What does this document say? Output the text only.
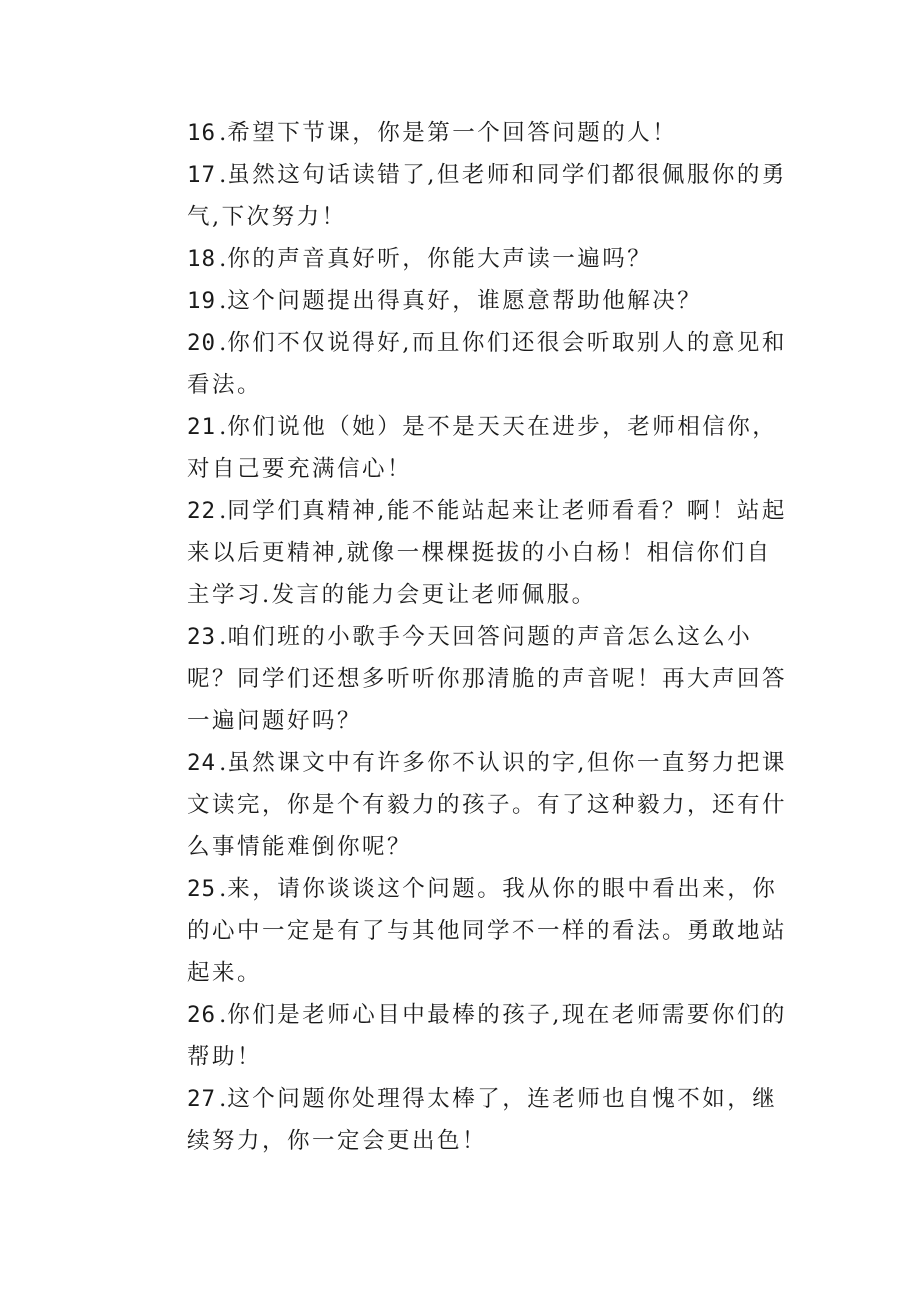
16 .希望下节课，你是第一个回答问题的人！

17 .虽然这句话读错了,但老师和同学们都很佩服你的勇气,下次努力！

18 .你的声音真好听，你能大声读一遍吗？

19 .这个问题提出得真好，谁愿意帮助他解决？

20 .你们不仅说得好,而且你们还很会听取别人的意见和看法。

21 .你们说他（她）是不是天天在进步，老师相信你，对自己要充满信心！

22 .同学们真精神,能不能站起来让老师看看？啊！站起来以后更精神,就像一棵棵挺拔的小白杨！相信你们自主学习.发言的能力会更让老师佩服。

23 .咱们班的小歌手今天回答问题的声音怎么这么小呢？同学们还想多听听你那清脆的声音呢！再大声回答一遍问题好吗？

24 .虽然课文中有许多你不认识的字,但你一直努力把课文读完，你是个有毅力的孩子。有了这种毅力，还有什么事情能难倒你呢？

25 .来，请你谈谈这个问题。我从你的眼中看出来，你的心中一定是有了与其他同学不一样的看法。勇敢地站起来。

26 .你们是老师心目中最棒的孩子,现在老师需要你们的帮助！

27 .这个问题你处理得太棒了，连老师也自愧不如，继续努力，你一定会更出色！
